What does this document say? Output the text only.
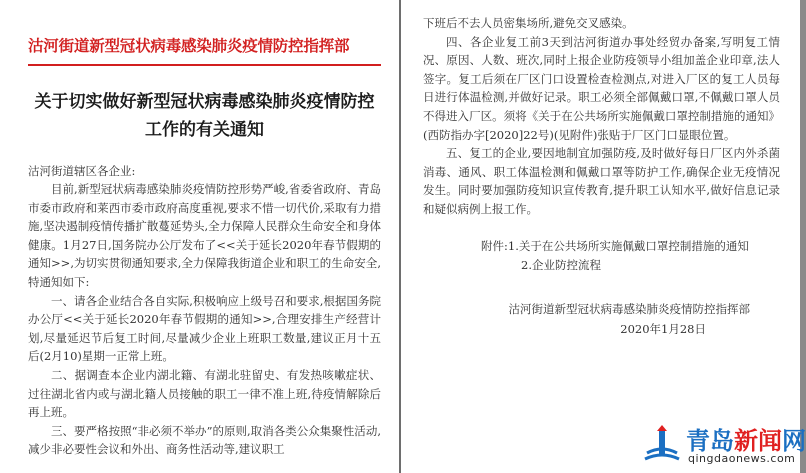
沽河街道新型冠状病毒感染肺炎疫情防控指挥部
关于切实做好新型冠状病毒感染肺炎疫情防控
工作的有关通知
沽河街道辖区各企业:

目前,新型冠状病毒感染肺炎疫情防控形势严峻,省委省政府、青岛市委市政府和莱西市委市政府高度重视,要求不惜一切代价,采取有力措施,坚决遏制疫情传播扩散蔓延势头,全力保障人民群众生命安全和身体健康。1月27日,国务院办公厅发布了<<关于延长2020年春节假期的通知>>,为切实贯彻通知要求,全力保障我街道企业和职工的生命安全,特通知如下:

一、请各企业结合各自实际,积极响应上级号召和要求,根据国务院办公厅<<关于延长2020年春节假期的通知>>,合理安排生产经营计划,尽量延迟节后复工时间,尽量减少企业上班职工数量,建议正月十五后(2月10)星期一正常上班。

二、据调查本企业内湖北籍、有湖北驻留史、有发热咳嗽症状、过往湖北省内或与湖北籍人员接触的职工一律不准上班,待疫情解除后再上班。

三、要严格按照“非必须不举办”的原则,取消各类公众集聚性活动,减少非必要性会议和外出、商务性活动等,建议职工

下班后不去人员密集场所,避免交叉感染。

四、各企业复工前3天到沽河街道办事处经贸办备案,写明复工情况、原因、人数、班次,同时上报企业防疫领导小组加盖企业印章,法人签字。复工后须在厂区门口设置检查检测点,对进入厂区的复工人员每日进行体温检测,并做好记录。职工必须全部佩戴口罩,不佩戴口罩人员不得进入厂区。须将《关于在公共场所实施佩戴口罩控制措施的通知》(西防指办字[2020]22号)(见附件)张贴于厂区门口显眼位置。

五、复工的企业,要因地制宜加强防疫,及时做好每日厂区内外杀菌消毒、通风、职工体温检测和佩戴口罩等防护工作,确保企业无疫情况发生。同时要加强防疫知识宣传教育,提升职工认知水平,做好信息记录和疑似病例上报工作。

附件:1.关于在公共场所实施佩戴口罩控制措施的通知
2.企业防控流程
沽河街道新型冠状病毒感染肺炎疫情防控指挥部
2020年1月28日
青岛新闻网
qingdaonews.com
